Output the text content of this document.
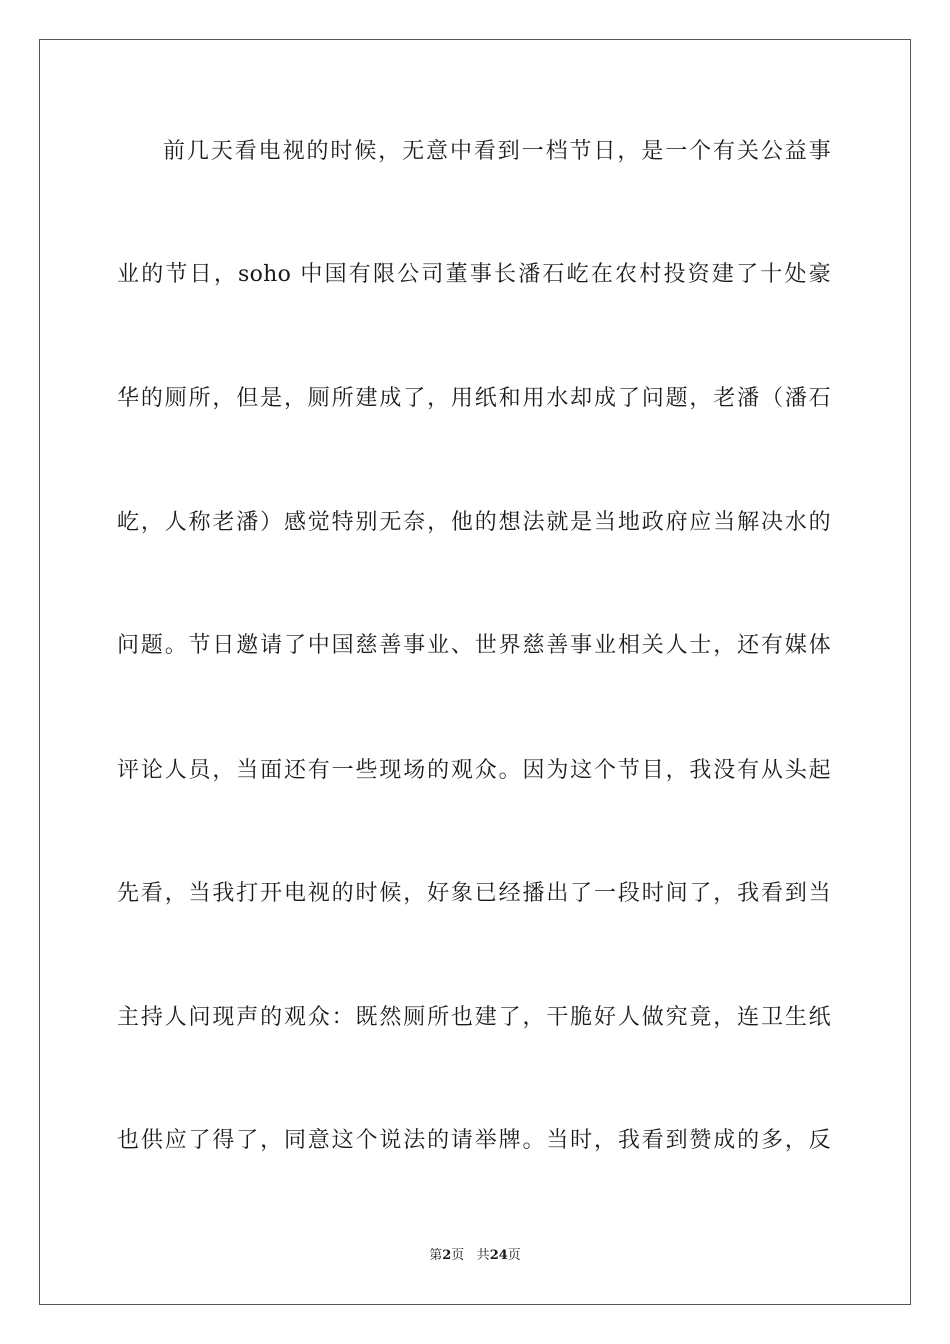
前几天看电视的时候，无意中看到一档节日，是一个有关公益事
业的节日，soho 中国有限公司董事长潘石屹在农村投资建了十处豪
华的厕所，但是，厕所建成了，用纸和用水却成了问题，老潘（潘石
屹，人称老潘）感觉特别无奈，他的想法就是当地政府应当解决水的
问题。节日邀请了中国慈善事业、世界慈善事业相关人士，还有媒体
评论人员，当面还有一些现场的观众。因为这个节目，我没有从头起
先看，当我打开电视的时候，好象已经播出了一段时间了，我看到当
主持人问现声的观众：既然厕所也建了，干脆好人做究竟，连卫生纸
也供应了得了，同意这个说法的请举牌。当时，我看到赞成的多，反
第2页 共24页
